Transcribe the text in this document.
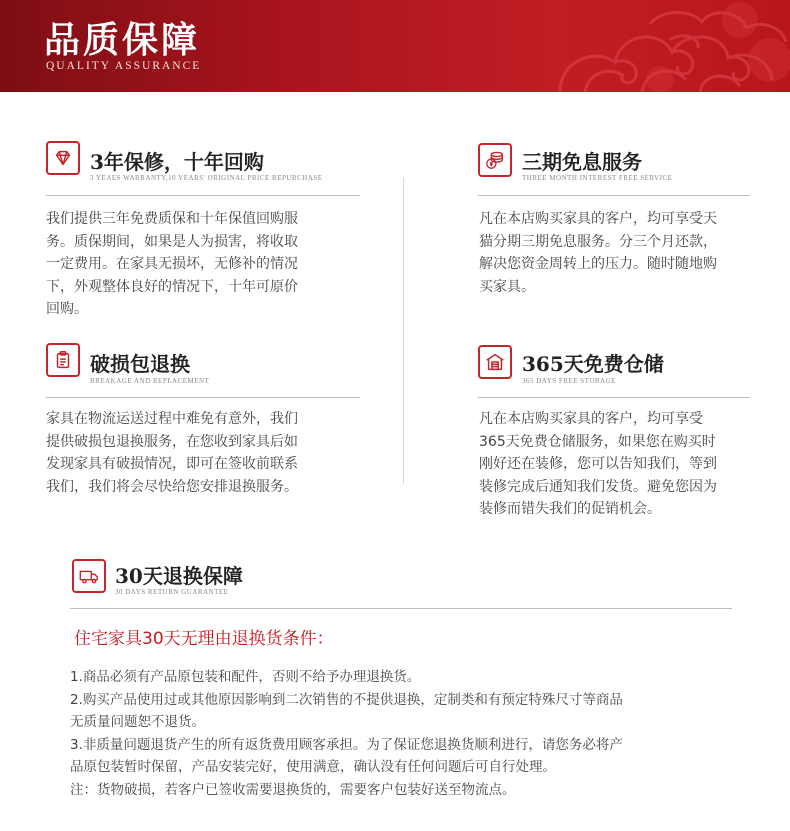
品质保障
QUALITY ASSURANCE
3年保修，十年回购
3 YEAES WARRANTY,10 YEARS' ORIGINAL PRICE REPURCHASE
我们提供三年免费质保和十年保值回购服
务。质保期间，如果是人为损害，将收取
一定费用。在家具无损坏，无修补的情况
下，外观整体良好的情况下，十年可原价
回购。
三期免息服务
THREE MONTH INTEREST FREE SERVICE
凡在本店购买家具的客户，均可享受天
猫分期三期免息服务。分三个月还款，
解决您资金周转上的压力。随时随地购
买家具。
破损包退换
BREAKAGE AND REPLACEMENT
家具在物流运送过程中难免有意外，我们
提供破损包退换服务，在您收到家具后如
发现家具有破损情况，即可在签收前联系
我们，我们将会尽快给您安排退换服务。
365天免费仓储
365 DAYS FREE STORAGE
凡在本店购买家具的客户，均可享受
365天免费仓储服务，如果您在购买时
刚好还在装修，您可以告知我们，等到
装修完成后通知我们发货。避免您因为
装修而错失我们的促销机会。
30天退换保障
30 DAYS RETURN GUARANTEE
住宅家具30天无理由退换货条件：

1.商品必须有产品原包装和配件，否则不给予办理退换货。

2.购买产品使用过或其他原因影响到二次销售的不提供退换，定制类和有预定特殊尺寸等商品

无质量问题恕不退货。

3.非质量问题退货产生的所有返货费用顾客承担。为了保证您退换货顺利进行，请您务必将产

品原包装暂时保留，产品安装完好，使用满意，确认没有任何问题后可自行处理。

注：货物破损，若客户已签收需要退换货的，需要客户包装好送至物流点。
